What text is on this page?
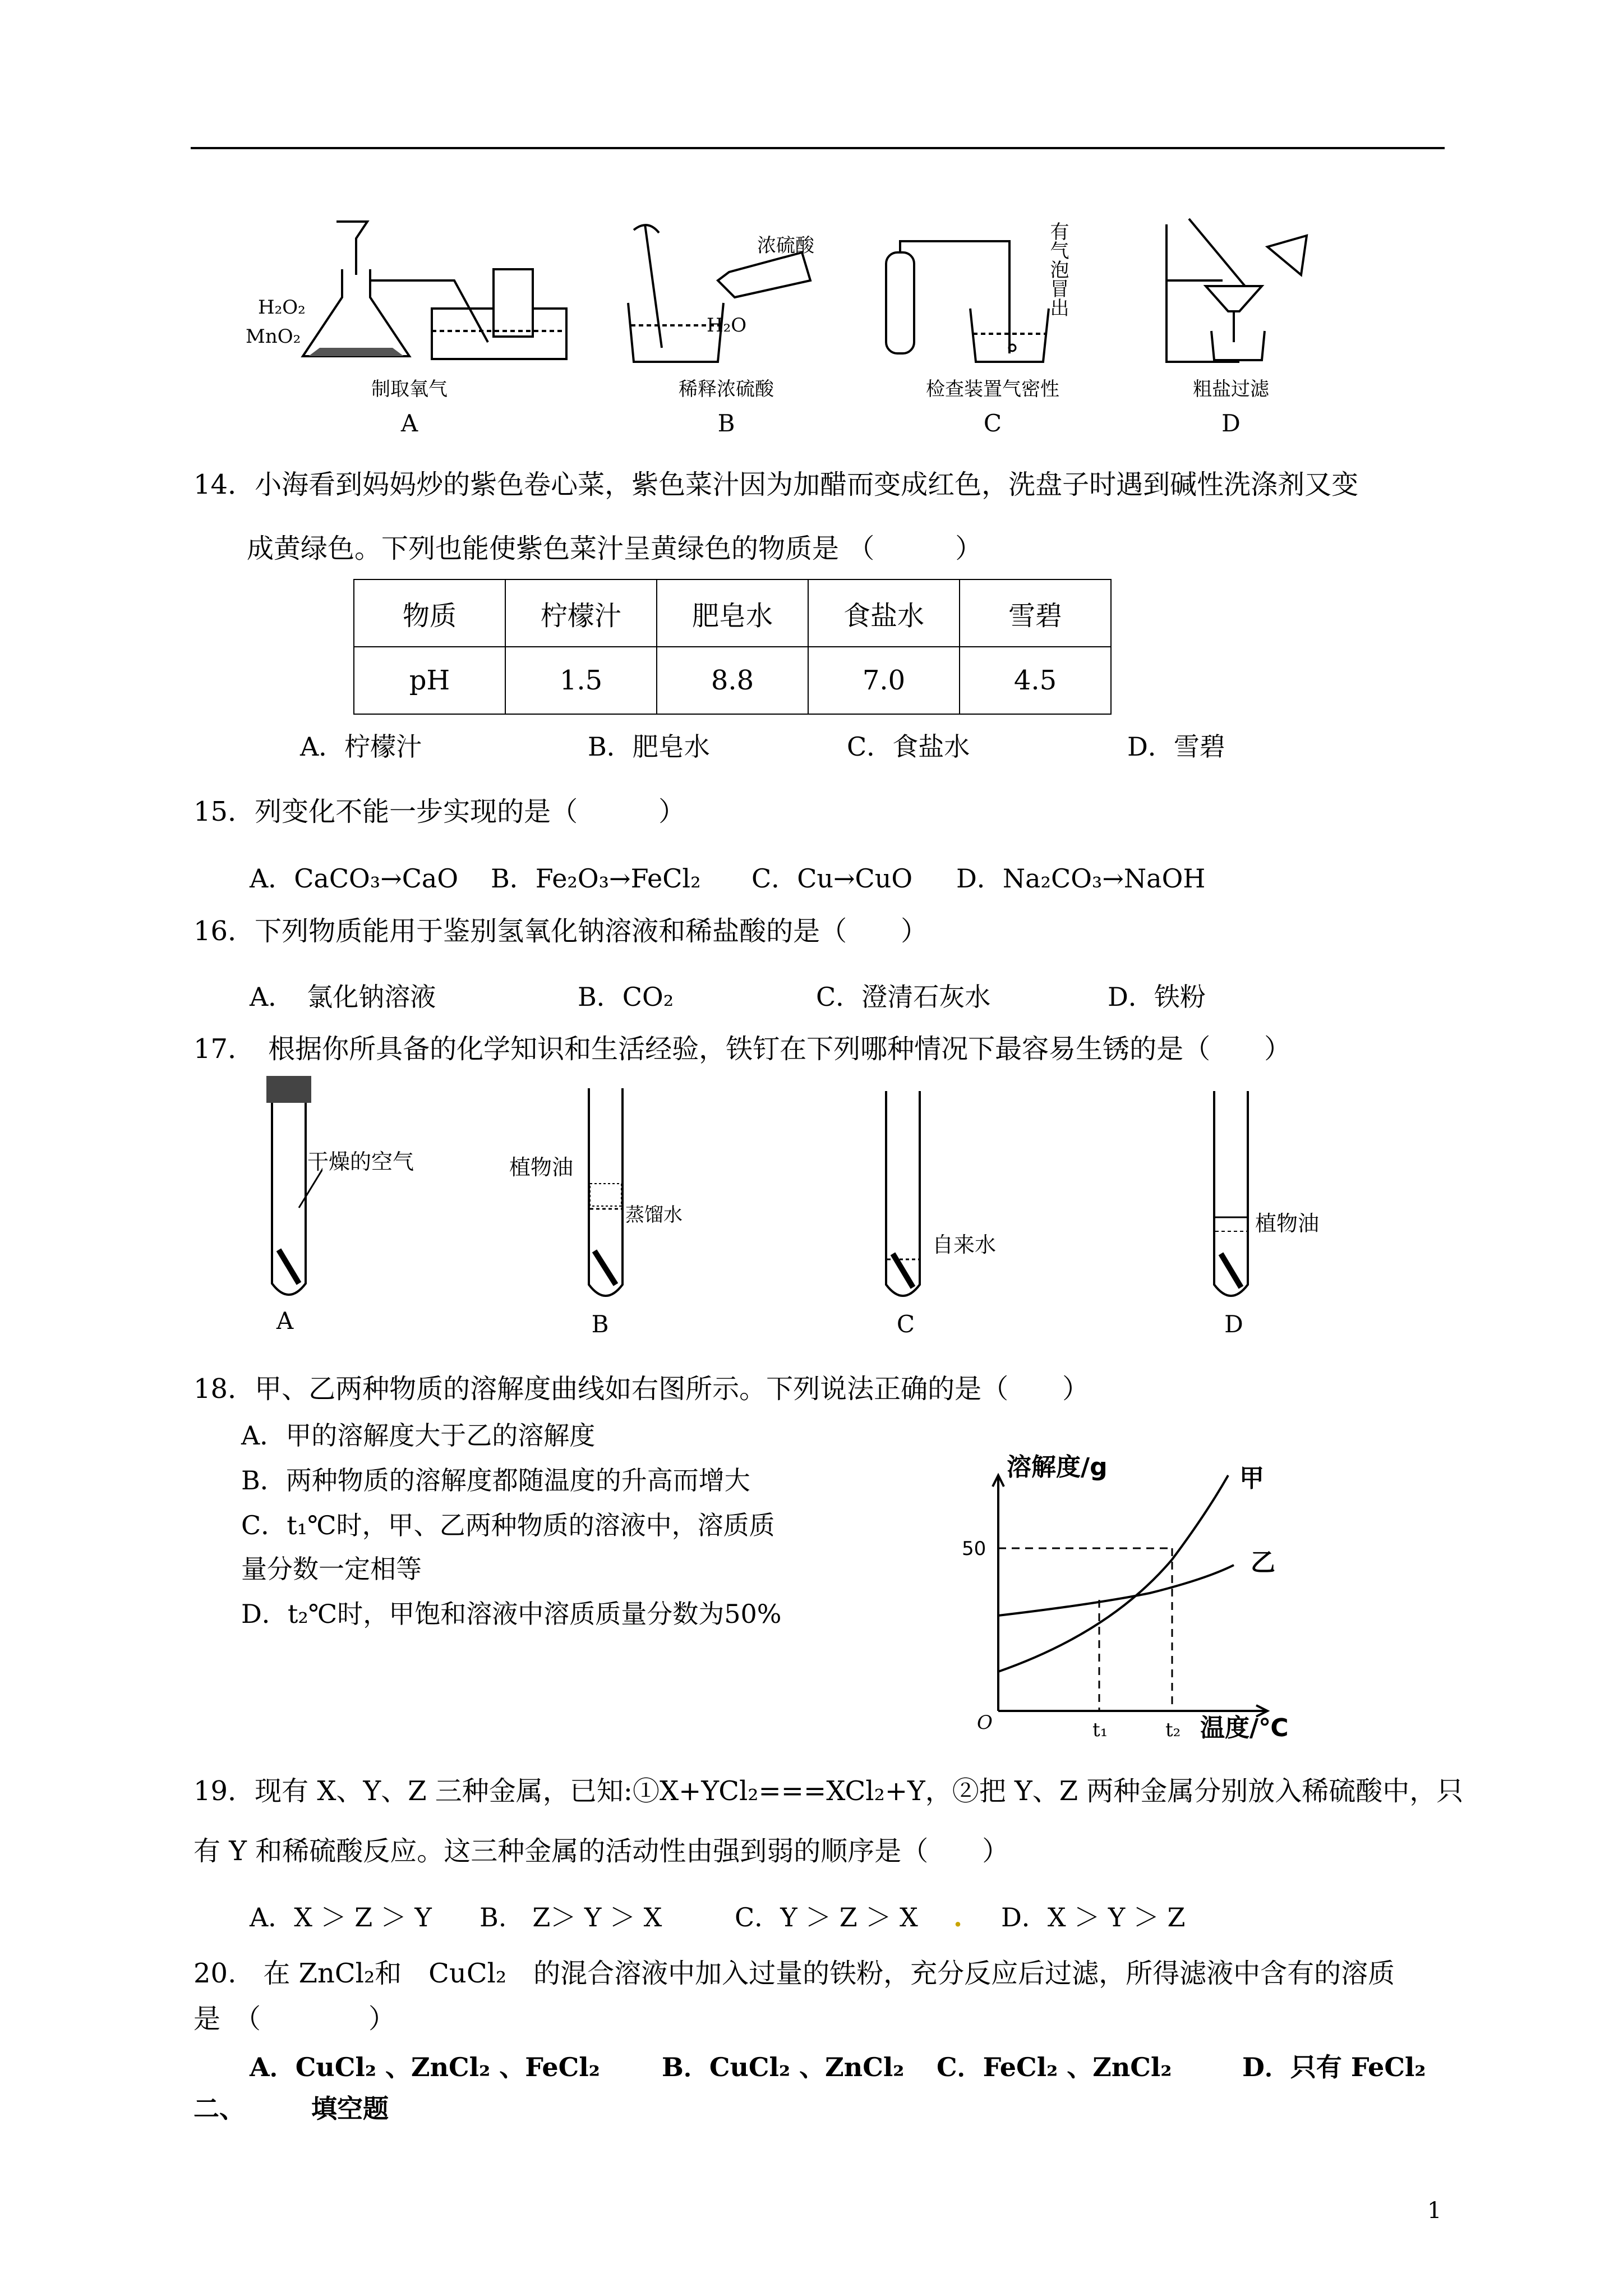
H₂O₂
MnO₂
制取氧气
A
浓硫酸
H₂O
稀释浓硫酸
B
有气泡冒出
检查装置气密性
C
粗盐过滤
D
14．小海看到妈妈炒的紫色卷心菜，紫色菜汁因为加醋而变成红色，洗盘子时遇到碱性洗涤剂又变
成黄绿色。下列也能使紫色菜汁呈黄绿色的物质是 （　　　）
物质	柠檬汁	肥皂水	食盐水	雪碧
pH	1.5	8.8	7.0	4.5
A．柠檬汁	B．肥皂水	C．食盐水	D．雪碧
15．列变化不能一步实现的是（　　　）
A．CaCO₃→CaO B．Fe₂O₃→FeCl₂ C．Cu→CuO D．Na₂CO₃→NaOH
16．下列物质能用于鉴别氢氧化钠溶液和稀盐酸的是（　　）
A．　氯化钠溶液	B．CO₂	C．澄清石灰水	D．铁粉
17．　根据你所具备的化学知识和生活经验，铁钉在下列哪种情况下最容易生锈的是（　　）
干燥的空气
A
植物油
蒸馏水
B
自来水
C
植物油
D
18．甲、乙两种物质的溶解度曲线如右图所示。下列说法正确的是（　　）
A．甲的溶解度大于乙的溶解度
B．两种物质的溶解度都随温度的升高而增大
C．t₁℃时，甲、乙两种物质的溶液中，溶质质
量分数一定相等
D．t₂℃时，甲饱和溶液中溶质质量分数为50%
溶解度/g
50
O	t₁	t₂ 温度/℃
甲
乙
19．现有 X、Y、Z 三种金属，已知:①X+YCl₂===XCl₂+Y，②把 Y、Z 两种金属分别放入稀硫酸中，只
有 Y 和稀硫酸反应。这三种金属的活动性由强到弱的顺序是（　　）
A．X ＞ Z ＞ Y B.　Z＞ Y ＞ X	C．Y ＞ Z ＞ X . D．X ＞ Y ＞ Z
20.　在 ZnCl₂和　CuCl₂　的混合溶液中加入过量的铁粉，充分反应后过滤，所得滤液中含有的溶质
是　（　　　　）
A．CuCl₂ 、ZnCl₂ 、FeCl₂ B．CuCl₂ 、ZnCl₂ C．FeCl₂ 、ZnCl₂	D．只有 FeCl₂
二、	填空题
1
